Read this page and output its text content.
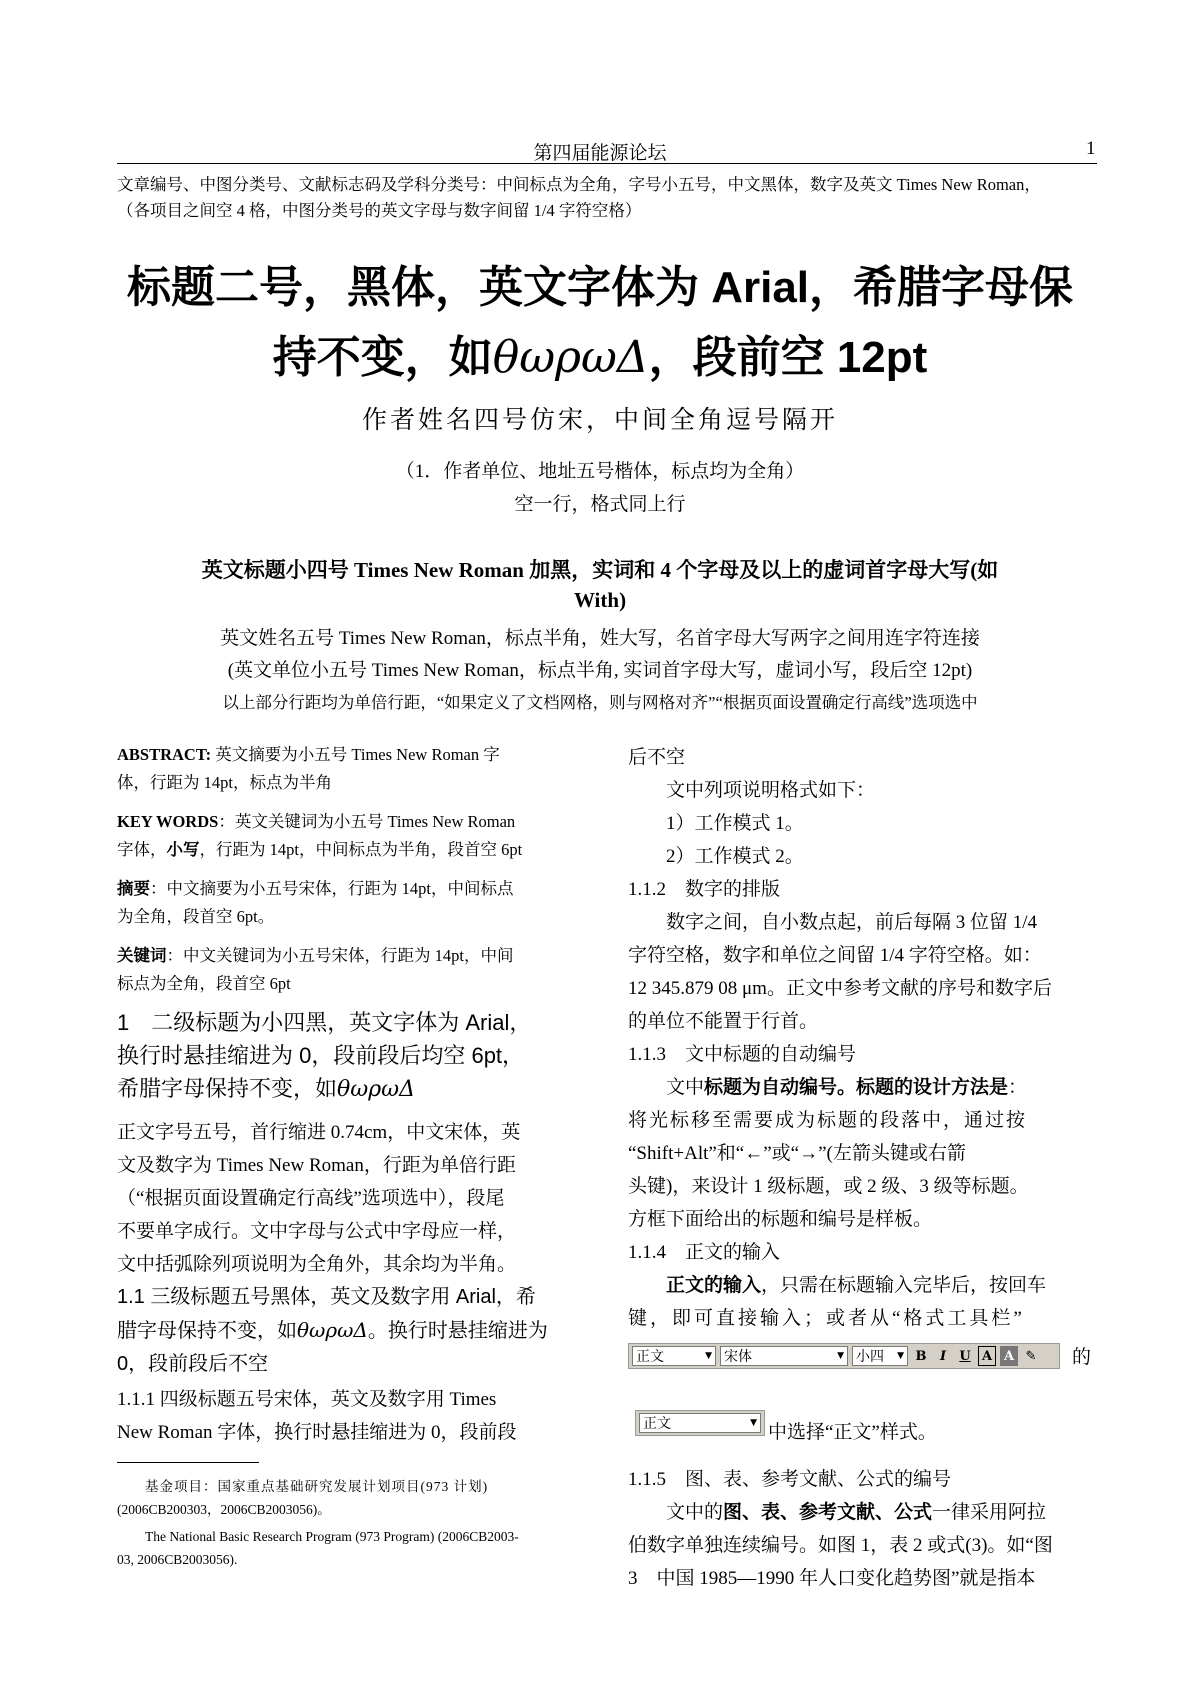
第四届能源论坛	1
文章编号、中图分类号、文献标志码及学科分类号：中间标点为全角，字号小五号，中文黑体，数字及英文 Times New Roman，
（各项目之间空 4 格，中图分类号的英文字母与数字间留 1/4 字符空格）
标题二号，黑体，英文字体为 Arial，希腊字母保
持不变，如θωρωΔ，段前空 12pt
作者姓名四号仿宋，中间全角逗号隔开
（1．作者单位、地址五号楷体，标点均为全角）
空一行，格式同上行
英文标题小四号 Times New Roman 加黑，实词和 4 个字母及以上的虚词首字母大写(如
With)
英文姓名五号 Times New Roman，标点半角，姓大写，名首字母大写两字之间用连字符连接
(英文单位小五号 Times New Roman，标点半角, 实词首字母大写，虚词小写，段后空 12pt)
以上部分行距均为单倍行距，“如果定义了文档网格，则与网格对齐”“根据页面设置确定行高线”选项选中
ABSTRACT: 英文摘要为小五号 Times New Roman 字
体，行距为 14pt，标点为半角
KEY WORDS：英文关键词为小五号 Times New Roman
字体，小写，行距为 14pt，中间标点为半角，段首空 6pt
摘要：中文摘要为小五号宋体，行距为 14pt，中间标点
为全角，段首空 6pt。
关键词：中文关键词为小五号宋体，行距为 14pt，中间
标点为全角，段首空 6pt
1　二级标题为小四黑，英文字体为 Arial，
换行时悬挂缩进为 0，段前段后均空 6pt，
希腊字母保持不变，如θωρωΔ
正文字号五号，首行缩进 0.74cm，中文宋体，英
文及数字为 Times New Roman，行距为单倍行距
（“根据页面设置确定行高线”选项选中），段尾
不要单字成行。文中字母与公式中字母应一样，
文中括弧除列项说明为全角外，其余均为半角。
1.1 三级标题五号黑体，英文及数字用 Arial，希
腊字母保持不变，如θωρωΔ。换行时悬挂缩进为
0，段前段后不空
1.1.1 四级标题五号宋体，英文及数字用 Times
New Roman 字体，换行时悬挂缩进为 0，段前段
基金项目：国家重点基础研究发展计划项目(973 计划)
(2006CB200303，2006CB2003056)。
The National Basic Research Program (973 Program) (2006CB2003-
03, 2006CB2003056).
后不空
文中列项说明格式如下：
1）工作模式 1。
2）工作模式 2。
1.1.2　数字的排版
数字之间，自小数点起，前后每隔 3 位留 1/4
字符空格，数字和单位之间留 1/4 字符空格。如：
12 345.879 08 μm。正文中参考文献的序号和数字后
的单位不能置于行首。
1.1.3　文中标题的自动编号
文中标题为自动编号。标题的设计方法是：
将光标移至需要成为标题的段落中，通过按
“Shift+Alt”和“←”或“→”(左箭头键或右箭
头键)，来设计 1 级标题，或 2 级、3 级等标题。
方框下面给出的标题和编号是样板。
1.1.4　正文的输入
正文的输入，只需在标题输入完毕后，按回车
键，即可直接输入；或者从“格式工具栏”
正文	▼ 宋体	▼ 小四 ▼ B	I	U A A ✎ 的
正文	▼ 中选择“正文”样式。
1.1.5　图、表、参考文献、公式的编号
文中的图、表、参考文献、公式一律采用阿拉
伯数字单独连续编号。如图 1，表 2 或式(3)。如“图
3　中国 1985—1990 年人口变化趋势图”就是指本
